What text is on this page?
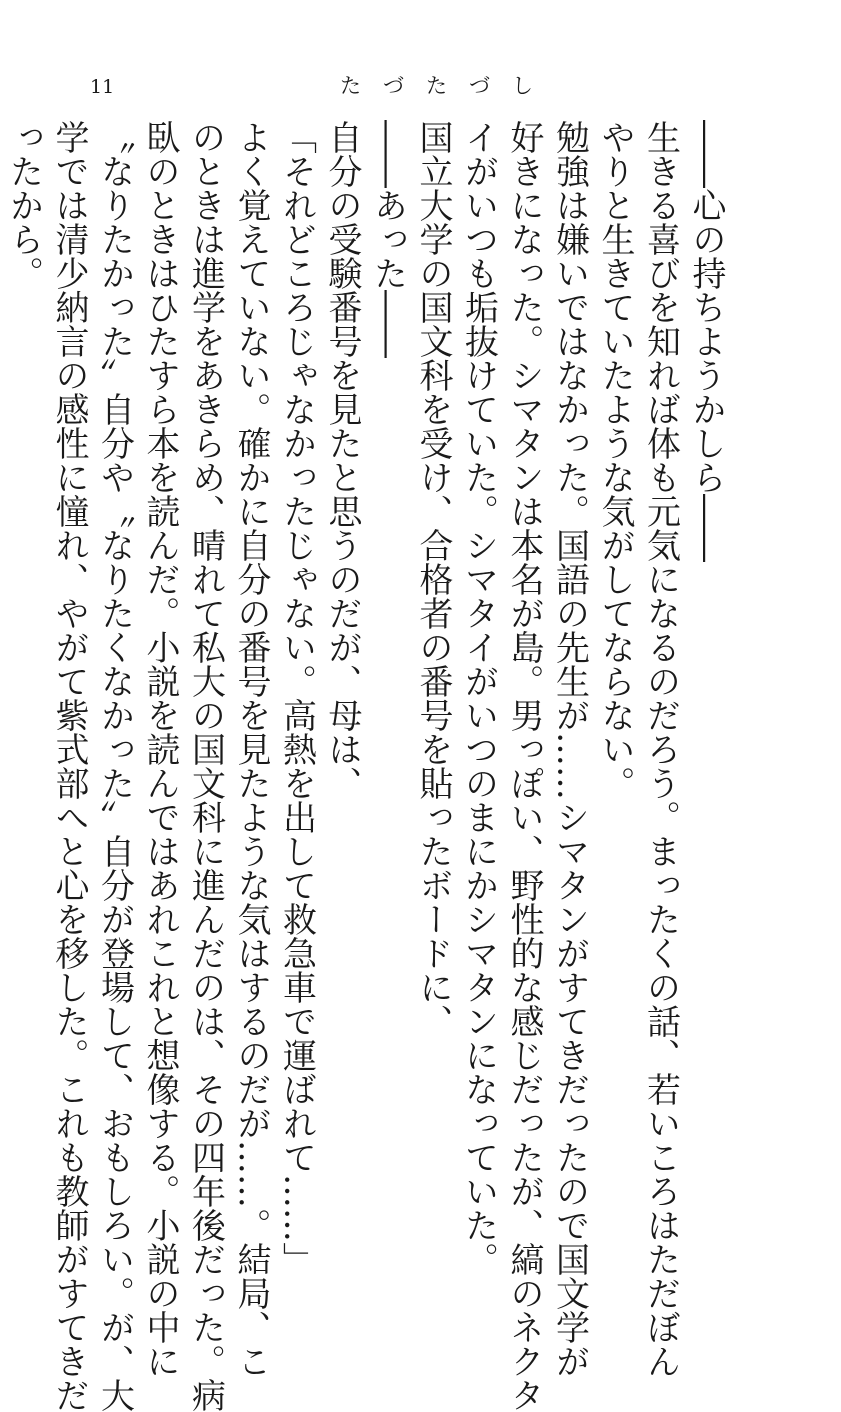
11	たづたづし
――心の持ちようかしら――
生きる喜びを知れば体も元気になるのだろう。まったくの話、若いころはただぼん
やりと生きていたような気がしてならない。
勉強は嫌いではなかった。国語の先生が……シマタンがすてきだったので国文学が
好きになった。シマタンは本名が島。男っぽい、野性的な感じだったが、縞のネクタ
イがいつも垢抜けていた。シマタイがいつのまにかシマタンになっていた。
国立大学の国文科を受け、合格者の番号を貼ったボードに、
――あった――
自分の受験番号を見たと思うのだが、母は、
「それどころじゃなかったじゃない。高熱を出して救急車で運ばれて……」
よく覚えていない。確かに自分の番号を見たような気はするのだが……。結局、こ
のときは進学をあきらめ、晴れて私大の国文科に進んだのは、その四年後だった。病
臥のときはひたすら本を読んだ。小説を読んではあれこれと想像する。小説の中に
〝なりたかった〟自分や〝なりたくなかった〟自分が登場して、おもしろい。が、大
学では清少納言の感性に憧れ、やがて紫式部へと心を移した。これも教師がすてきだ
ったから。
